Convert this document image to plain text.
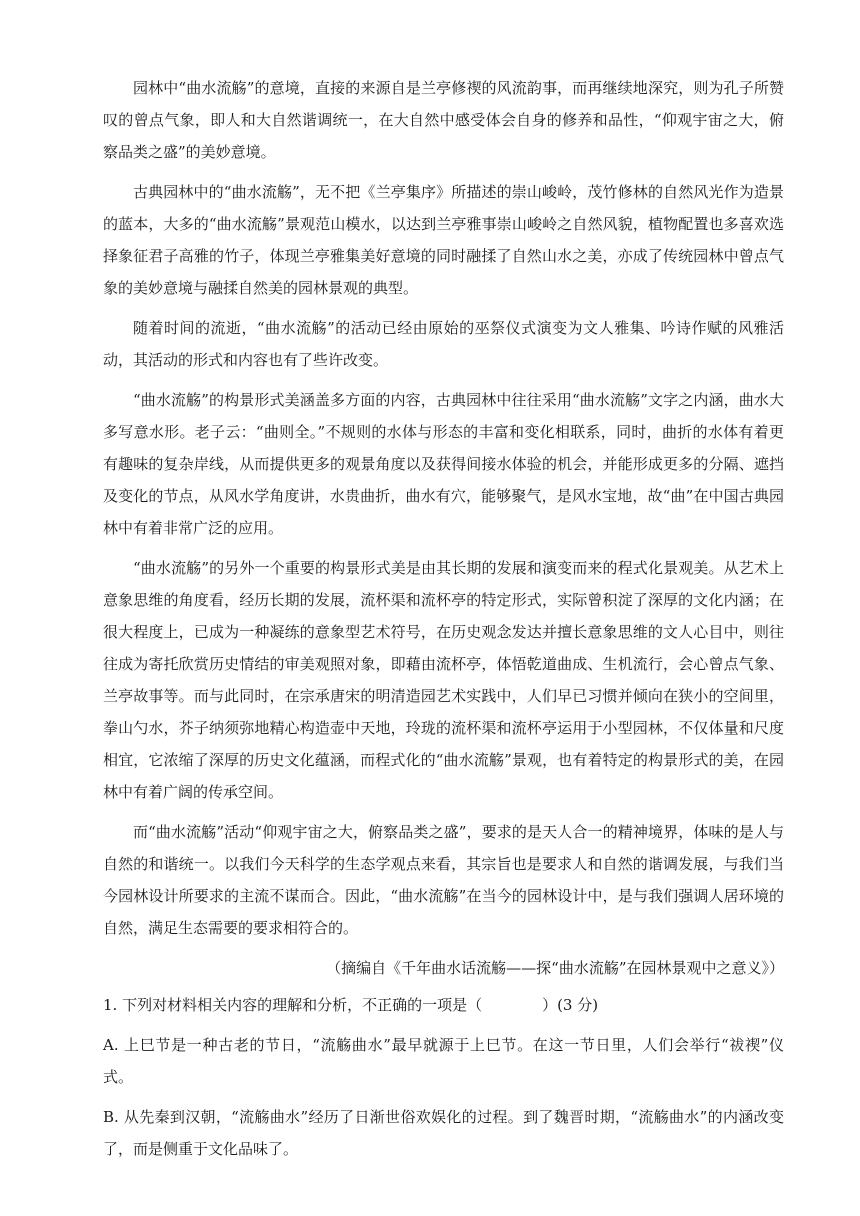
园林中“曲水流觞”的意境，直接的来源自是兰亭修禊的风流韵事，而再继续地深究，则为孔子所赞叹的曾点气象，即人和大自然谐调统一，在大自然中感受体会自身的修养和品性，“仰观宇宙之大，俯察品类之盛”的美妙意境。

古典园林中的“曲水流觞”，无不把《兰亭集序》所描述的崇山峻岭，茂竹修林的自然风光作为造景的蓝本，大多的“曲水流觞”景观范山模水，以达到兰亭雅事崇山峻岭之自然风貌，植物配置也多喜欢选择象征君子高雅的竹子，体现兰亭雅集美好意境的同时融揉了自然山水之美，亦成了传统园林中曾点气象的美妙意境与融揉自然美的园林景观的典型。

随着时间的流逝，“曲水流觞”的活动已经由原始的巫祭仪式演变为文人雅集、吟诗作赋的风雅活动，其活动的形式和内容也有了些许改变。

“曲水流觞”的构景形式美涵盖多方面的内容，古典园林中往往采用“曲水流觞”文字之内涵，曲水大多写意水形。老子云：“曲则全。”不规则的水体与形态的丰富和变化相联系，同时，曲折的水体有着更有趣味的复杂岸线，从而提供更多的观景角度以及获得间接水体验的机会，并能形成更多的分隔、遮挡及变化的节点，从风水学角度讲，水贵曲折，曲水有穴，能够聚气，是风水宝地，故“曲”在中国古典园林中有着非常广泛的应用。

“曲水流觞”的另外一个重要的构景形式美是由其长期的发展和演变而来的程式化景观美。从艺术上意象思维的角度看，经历长期的发展，流杯渠和流杯亭的特定形式，实际曾积淀了深厚的文化内涵；在很大程度上，已成为一种凝练的意象型艺术符号，在历史观念发达并擅长意象思维的文人心目中，则往往成为寄托欣赏历史情结的审美观照对象，即藉由流杯亭，体悟乾道曲成、生机流行，会心曾点气象、兰亭故事等。而与此同时，在宗承唐宋的明清造园艺术实践中，人们早已习惯并倾向在狭小的空间里，拳山勺水，芥子纳须弥地精心构造壶中天地，玲珑的流杯渠和流杯亭运用于小型园林，不仅体量和尺度相宜，它浓缩了深厚的历史文化蕴涵，而程式化的“曲水流觞”景观，也有着特定的构景形式的美，在园林中有着广阔的传承空间。

而“曲水流觞”活动“仰观宇宙之大，俯察品类之盛”，要求的是天人合一的精神境界，体味的是人与自然的和谐统一。以我们今天科学的生态学观点来看，其宗旨也是要求人和自然的谐调发展，与我们当今园林设计所要求的主流不谋而合。因此，“曲水流觞”在当今的园林设计中，是与我们强调人居环境的自然，满足生态需要的要求相符合的。

（摘编自《千年曲水话流觞——探“曲水流觞”在园林景观中之意义》）

1. 下列对材料相关内容的理解和分析，不正确的一项是（　　　　）(3 分)

A. 上巳节是一种古老的节日，“流觞曲水”最早就源于上巳节。在这一节日里，人们会举行“祓禊”仪式。

B. 从先秦到汉朝，“流觞曲水”经历了日渐世俗欢娱化的过程。到了魏晋时期，“流觞曲水”的内涵改变了，而是侧重于文化品味了。
